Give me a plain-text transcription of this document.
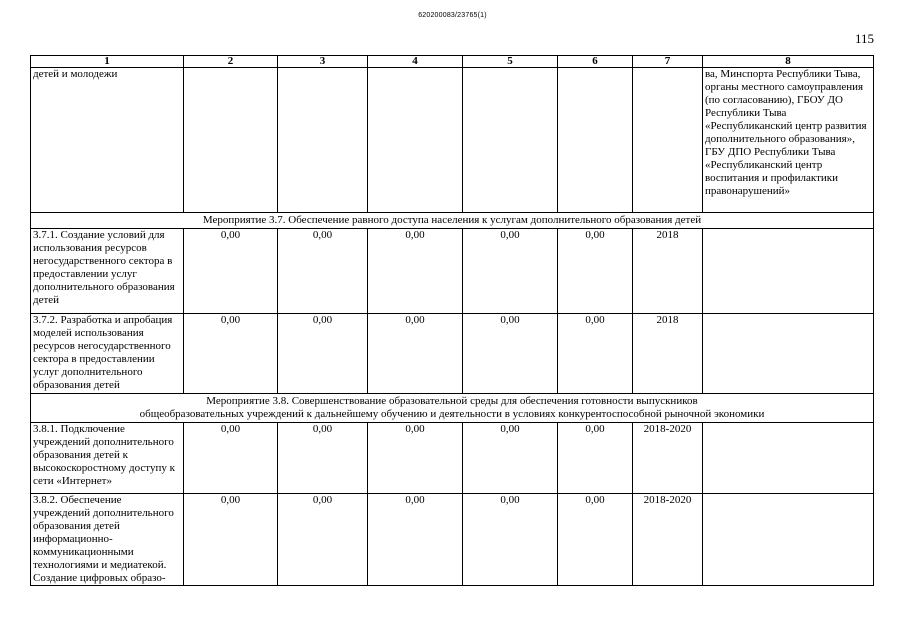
620200083/23765(1)
115
1	2	3	4	5	6	7	8
детей и молодежи							ва, Минспорта Республики Тыва, органы местного самоуправления (по согласованию), ГБОУ ДО Республики Тыва «Республиканский центр развития дополнительного образования», ГБУ ДПО Республики Тыва «Республиканский центр воспитания и профилактики правонарушений»
Мероприятие 3.7. Обеспечение равного доступа населения к услугам дополнительного образования детей							
3.7.1. Создание условий для использования ресурсов негосударственного сектора в предоставлении услуг дополнительного образования детей	0,00	0,00	0,00	0,00	0,00	2018	
3.7.2. Разработка и апробация моделей использования ресурсов негосударственного сектора в предоставлении услуг дополнительного образования детей	0,00	0,00	0,00	0,00	0,00	2018	

Мероприятие 3.8. Совершенствование образовательной среды для обеспечения готовности выпускников
общеобразовательных учреждений к дальнейшему обучению и деятельности в условиях конкурентоспособной рыночной экономики							

3.8.1. Подключение учреждений дополнительного образования детей к высокоскоростному доступу к сети «Интернет»	0,00	0,00	0,00	0,00	0,00	2018-2020	
3.8.2. Обеспечение учреждений дополнительного образования детей информационно-коммуникационными технологиями и медиатекой. Создание цифровых образо-	0,00	0,00	0,00	0,00	0,00	2018-2020	
